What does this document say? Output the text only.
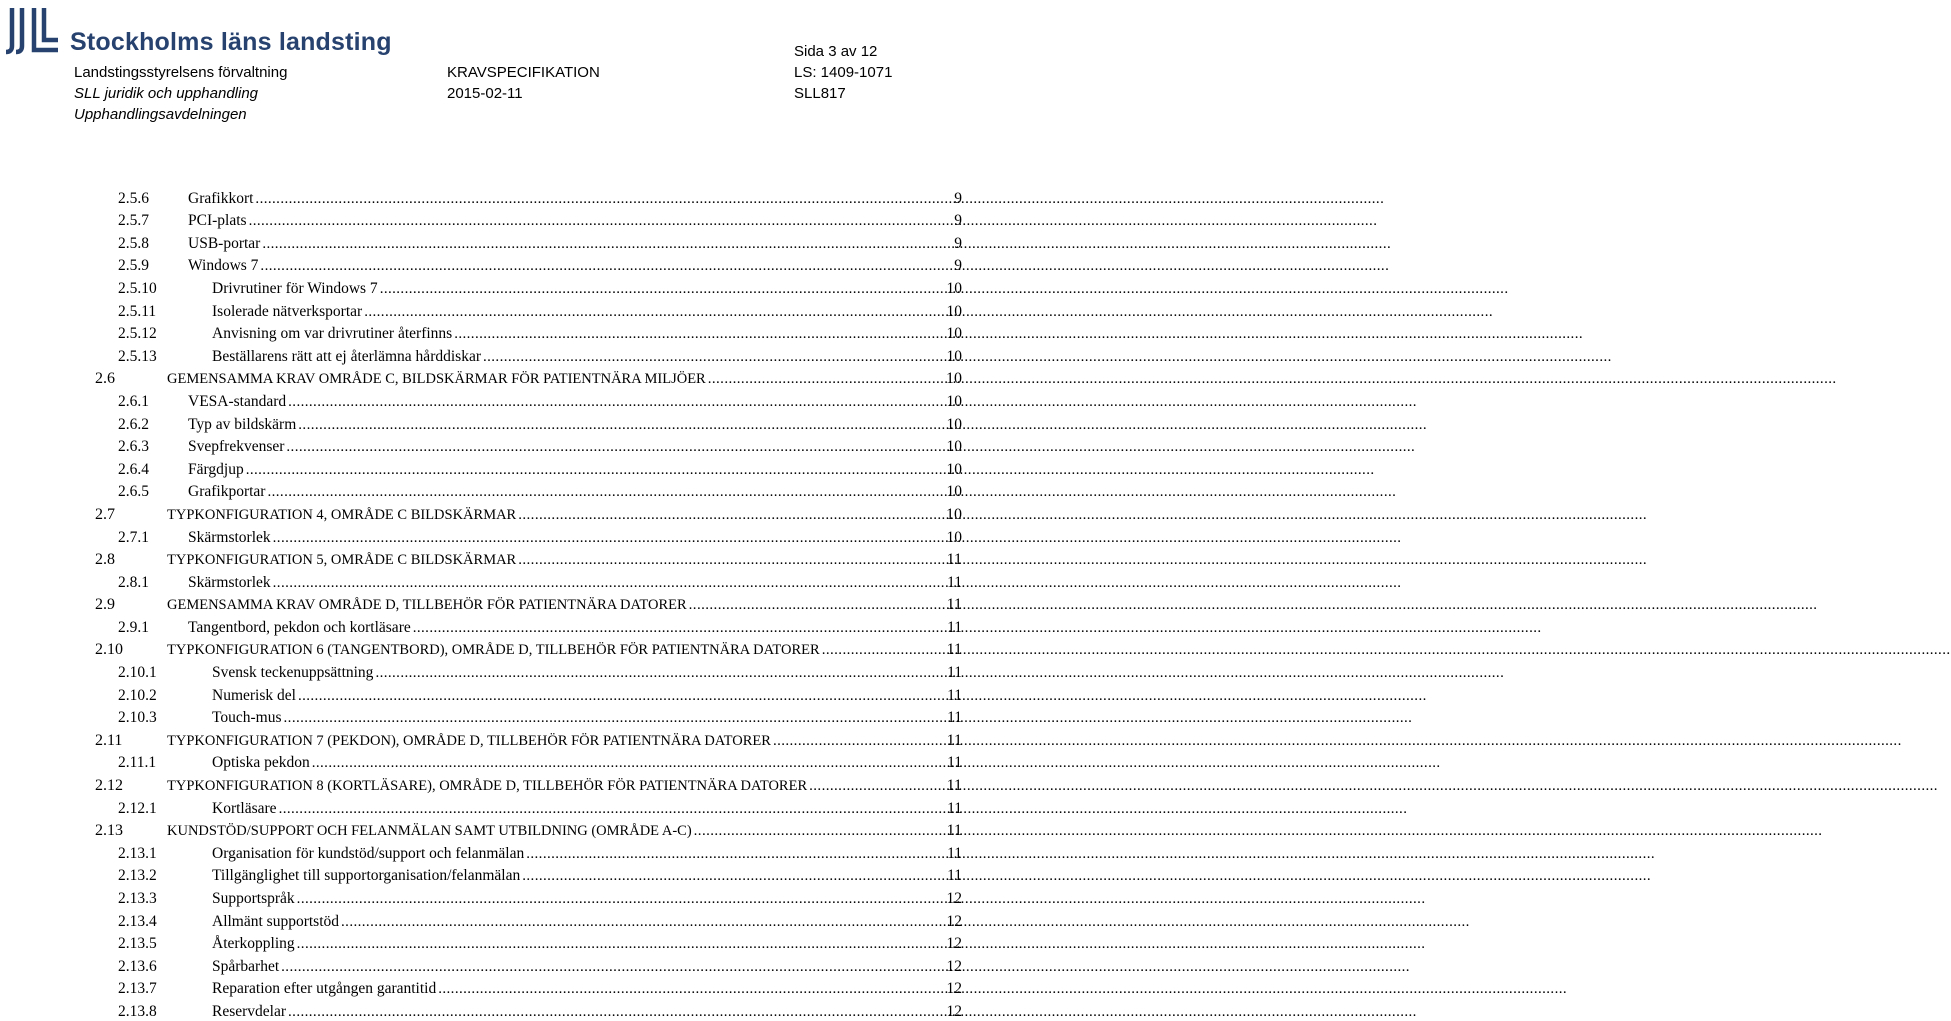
Stockholms läns landsting
Landstingsstyrelsens förvaltning
SLL juridik och upphandling
Upphandlingsavdelningen
KRAVSPECIFIKATION
2015-02-11
Sida 3 av 12
LS: 1409-1071
SLL817
2.5.6	Grafikkort .....	9
2.5.7	PCI-plats .....	9
2.5.8	USB-portar .....	9
2.5.9	Windows 7 .....	9
2.5.10	Drivrutiner för Windows 7 .....	10
2.5.11	Isolerade nätverksportar .....	10
2.5.12	Anvisning om var drivrutiner återfinns .....	10
2.5.13	Beställarens rätt att ej återlämna hårddiskar .....	10
2.6	GEMENSAMMA KRAV OMRÅDE C, BILDSKÄRMAR FÖR PATIENTNÄRA MILJÖER .....	10
2.6.1	VESA-standard .....	10
2.6.2	Typ av bildskärm .....	10
2.6.3	Svepfrekvenser .....	10
2.6.4	Färgdjup .....	10
2.6.5	Grafikportar .....	10
2.7	TYPKONFIGURATION 4, OMRÅDE C BILDSKÄRMAR .....	10
2.7.1	Skärmstorlek .....	10
2.8	TYPKONFIGURATION 5, OMRÅDE C BILDSKÄRMAR .....	11
2.8.1	Skärmstorlek .....	11
2.9	GEMENSAMMA KRAV OMRÅDE D, TILLBEHÖR FÖR PATIENTNÄRA DATORER .....	11
2.9.1	Tangentbord, pekdon och kortläsare .....	11
2.10	TYPKONFIGURATION 6 (TANGENTBORD), OMRÅDE D, TILLBEHÖR FÖR PATIENTNÄRA DATORER .....	11
2.10.1	Svensk teckenuppsättning .....	11
2.10.2	Numerisk del .....	11
2.10.3	Touch-mus .....	11
2.11	TYPKONFIGURATION 7 (PEKDON), OMRÅDE D, TILLBEHÖR FÖR PATIENTNÄRA DATORER .....	11
2.11.1	Optiska pekdon .....	11
2.12	TYPKONFIGURATION 8 (KORTLÄSARE), OMRÅDE D, TILLBEHÖR FÖR PATIENTNÄRA DATORER .....	11
2.12.1	Kortläsare .....	11
2.13	KUNDSTÖD/SUPPORT OCH FELANMÄLAN SAMT UTBILDNING (OMRÅDE A-C) .....	11
2.13.1	Organisation för kundstöd/support och felanmälan .....	11
2.13.2	Tillgänglighet till supportorganisation/felanmälan .....	11
2.13.3	Supportspråk .....	12
2.13.4	Allmänt supportstöd .....	12
2.13.5	Återkoppling .....	12
2.13.6	Spårbarhet .....	12
2.13.7	Reparation efter utgången garantitid .....	12
2.13.8	Reservdelar .....	12
